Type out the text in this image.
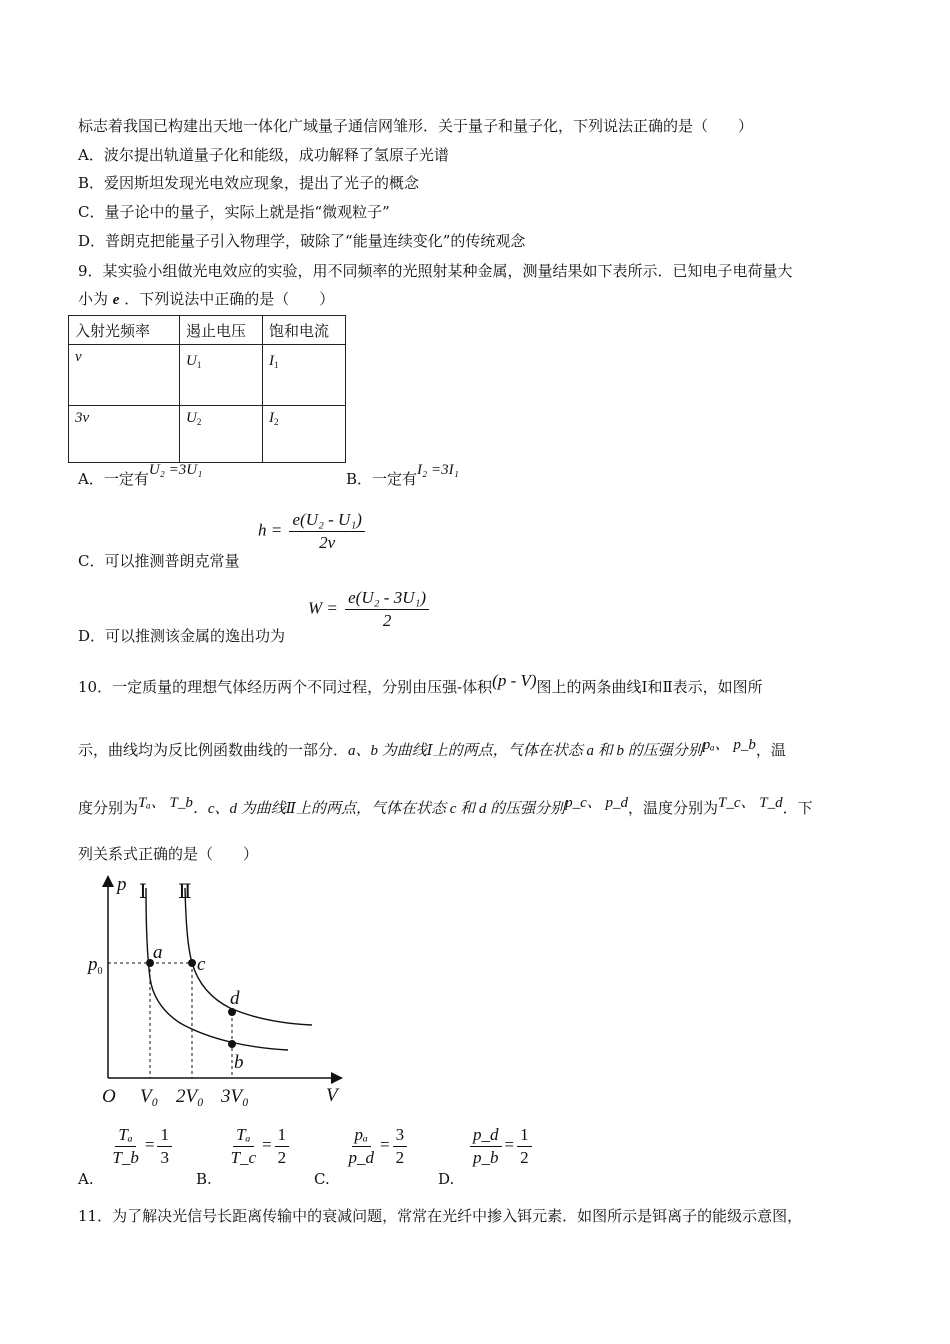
标志着我国已构建出天地一体化广域量子通信网雏形．关于量子和量子化，下列说法正确的是（　　）
A．波尔提出轨道量子化和能级，成功解释了氢原子光谱
B．爱因斯坦发现光电效应现象，提出了光子的概念
C．量子论中的量子，实际上就是指“微观粒子”
D．普朗克把能量子引入物理学，破除了“能量连续变化”的传统观念
9．某实验小组做光电效应的实验，用不同频率的光照射某种金属，测量结果如下表所示．已知电子电荷量大
小为 e ．下列说法中正确的是（　　）
入射光频率	遏止电压	饱和电流
ν	$U_1$	$I_1$
3ν	$U_2$	$I_2$
A．一定有U₂ =3U₁	B．一定有I₂ =3I₁
C．可以推测普朗克常量
$h = \frac{\text{e(U₂ - U₁)}}{2\nu}$
D．可以推测该金属的逸出功为
$W = \frac{\text{e(U₂ - 3U₁)}}{2}$
10．一定质量的理想气体经历两个不同过程，分别由压强-体积(p - V)图上的两条曲线Ⅰ和Ⅱ表示，如图所
示，曲线均为反比例函数曲线的一部分．a、b 为曲线Ⅰ上的两点，气体在状态 a 和 b 的压强分别pₐ、 p_b，温
度分别为Tₐ、 T_b．c、d 为曲线Ⅱ上的两点，气体在状态 c 和 d 的压强分别p_c、 p_d，温度分别为T_c、 T_d．下
列关系式正确的是（　　）
p
V
O
a
b
c
d
$p_0$
V₀ 2V₀ 3V₀
Ⅰ Ⅱ
A.
$\frac{\text{Tₐ}}{T\_b} = \frac{1}{3}$
B.
$\frac{\text{Tₐ}}{T\_c} = \frac{1}{2}$
C.
$\frac{\text{pₐ}}{p\_d} = \frac{3}{2}$
D.
$\frac{p\_d}{p\_b} = \frac{1}{2}$
11．为了解决光信号长距离传输中的衰减问题，常常在光纤中掺入铒元素．如图所示是铒离子的能级示意图，
